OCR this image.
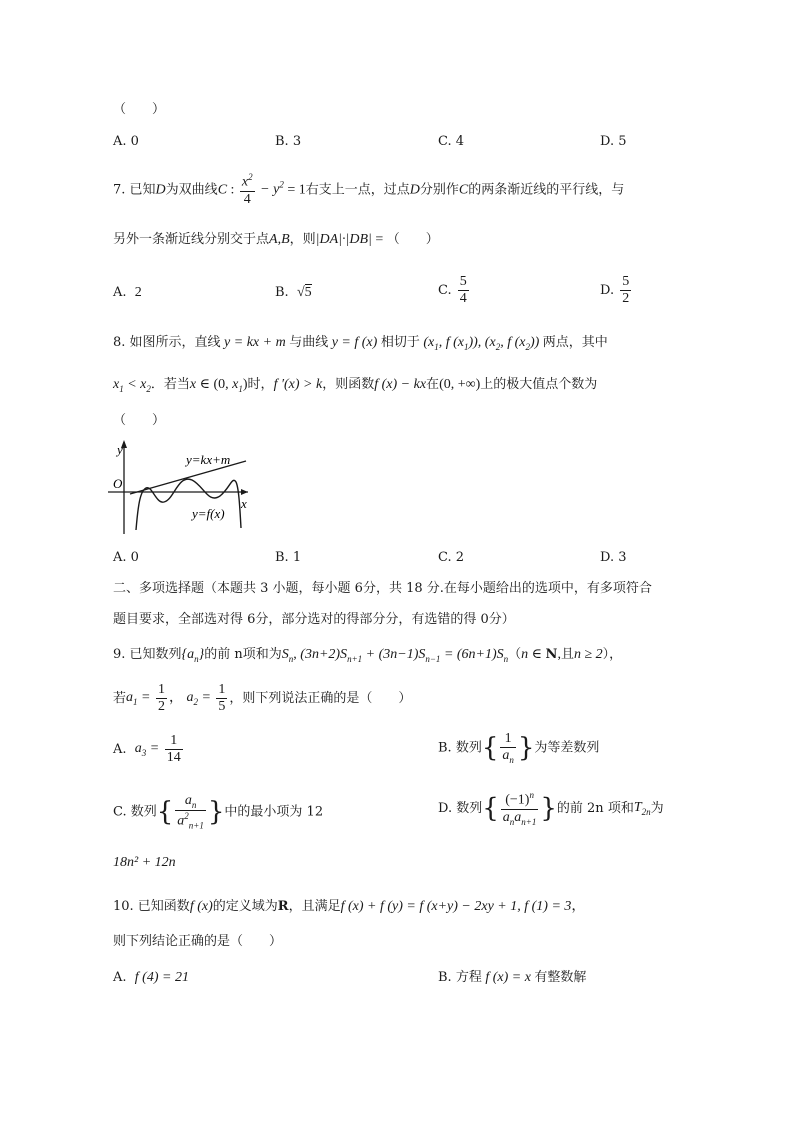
（　　）
A. 0	B. 3	C. 4	D. 5
7. 已知D为双曲线C : $\frac{x^2}{4} - y^2 = 1$右支上一点，过点D分别作C的两条渐近线的平行线，与
另外一条渐近线分别交于点A,B，则|DA|·|DB| = （　　）
A. 2	B. √5	C. $\frac{5}{4}$	D. $\frac{5}{2}$
8. 如图所示，直线 y = kx + m 与曲线 y = f (x) 相切于 ($x_1$, f $(x_1)$), ($x_2$, f $(x_2)$) 两点，其中
$x_1 < x_2$．若当x ∈ (0, $x_1$)时，f ′(x) > k，则函数f (x) − kx在(0, +∞)上的极大值点个数为
（　　）
y
x
O
y=kx+m
y=f(x)
A. 0	B. 1	C. 2	D. 3
二、多项选择题（本题共 3 小题，每小题 6分，共 18 分.在每小题给出的选项中，有多项符合
题目要求，全部选对得 6分，部分选对的得部分分，有选错的得 0分）
9. 已知数列$\{a_n\}$的前 n项和为$S_n$, $(3n+2)S_{n+1} + (3n-1)S_{n-1} = (6n+1)S_n(n$ ∈ N,且n ≥ 2），
若$a_1 = \frac{1}{2}$ ， $a_2 = \frac{1}{5}$ ，则下列说法正确的是（　　）
A. $a_3 = \frac{1}{14}$	B. 数列{ $\frac{1}{a_n}$ }为等差数列
C. 数列{ $\frac{a_n}{a^2_{n+1}}$ }中的最小项为 12	D. 数列{ $\frac{(-1)^n}{a_na_{n+1}}$ }的前 2n 项和$T_{2n}$为
18n² + 12n
10. 已知函数f (x)的定义域为R，且满足f (x) + f (y) = f (x+y) − 2xy + 1, f (1) = 3，
则下列结论正确的是（　　）
A. f (4) = 21	B. 方程 f (x) = x 有整数解
